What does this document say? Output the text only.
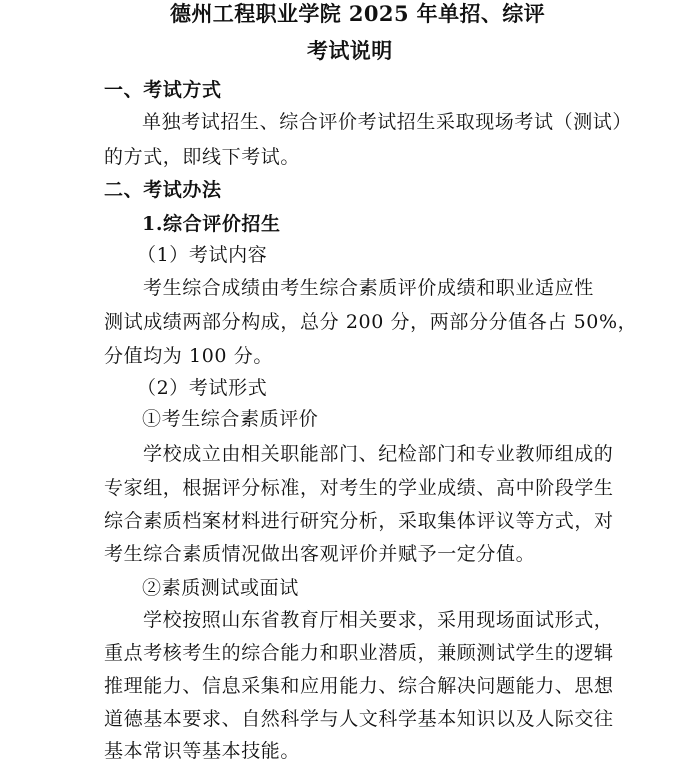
德州工程职业学院 2025 年单招、综评
考试说明
一、考试方式
单独考试招生、综合评价考试招生采取现场考试（测试）
的方式，即线下考试。
二、考试办法
1.综合评价招生
（1）考试内容
考生综合成绩由考生综合素质评价成绩和职业适应性
测试成绩两部分构成，总分 200 分，两部分分值各占 50%，
分值均为 100 分。
（2）考试形式
①考生综合素质评价
学校成立由相关职能部门、纪检部门和专业教师组成的
专家组，根据评分标准，对考生的学业成绩、高中阶段学生
综合素质档案材料进行研究分析，采取集体评议等方式，对
考生综合素质情况做出客观评价并赋予一定分值。
②素质测试或面试
学校按照山东省教育厅相关要求，采用现场面试形式，
重点考核考生的综合能力和职业潜质，兼顾测试学生的逻辑
推理能力、信息采集和应用能力、综合解决问题能力、思想
道德基本要求、自然科学与人文科学基本知识以及人际交往
基本常识等基本技能。
